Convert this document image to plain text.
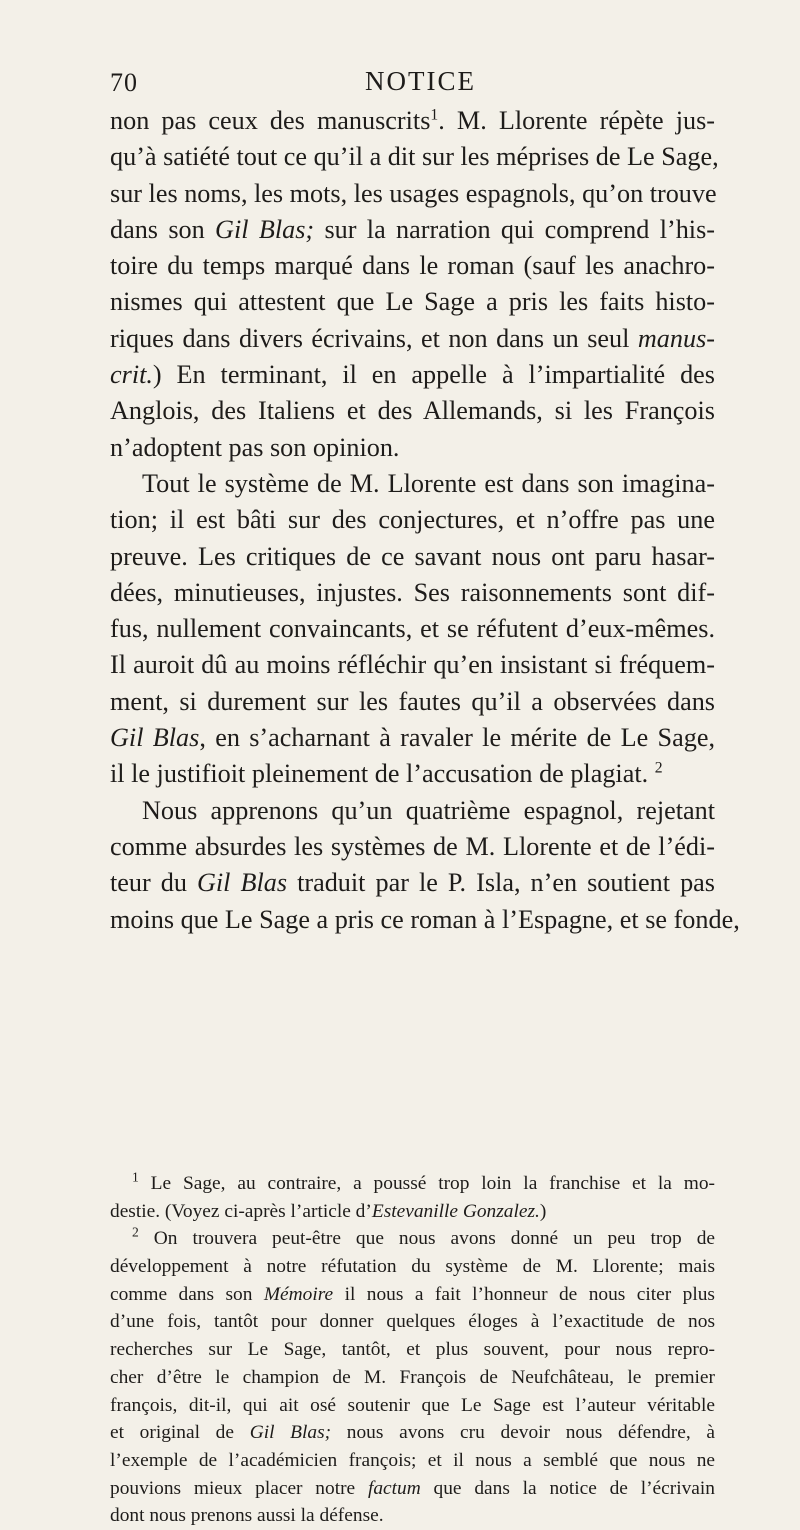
70	NOTICE
non pas ceux des manuscrits$^1$. M. Llorente répète jus-
qu’à satiété tout ce qu’il a dit sur les méprises de Le Sage,
sur les noms, les mots, les usages espagnols, qu’on trouve
dans son Gil Blas; sur la narration qui comprend l’his-
toire du temps marqué dans le roman (sauf les anachro-
nismes qui attestent que Le Sage a pris les faits histo-
riques dans divers écrivains, et non dans un seul manus-
crit.) En terminant, il en appelle à l’impartialité des
Anglois, des Italiens et des Allemands, si les François
n’adoptent pas son opinion.
Tout le système de M. Llorente est dans son imagina-
tion; il est bâti sur des conjectures, et n’offre pas une
preuve. Les critiques de ce savant nous ont paru hasar-
dées, minutieuses, injustes. Ses raisonnements sont dif-
fus, nullement convaincants, et se réfutent d’eux-mêmes.
Il auroit dû au moins réfléchir qu’en insistant si fréquem-
ment, si durement sur les fautes qu’il a observées dans
Gil Blas, en s’acharnant à ravaler le mérite de Le Sage,
il le justifioit pleinement de l’accusation de plagiat. $^2$
Nous apprenons qu’un quatrième espagnol, rejetant
comme absurdes les systèmes de M. Llorente et de l’édi-
teur du Gil Blas traduit par le P. Isla, n’en soutient pas
moins que Le Sage a pris ce roman à l’Espagne, et se fonde,
$^1$ Le Sage, au contraire, a poussé trop loin la franchise et la mo-
destie. (Voyez ci-après l’article d’Estevanille Gonzalez.)
$^2$ On trouvera peut-être que nous avons donné un peu trop de
développement à notre réfutation du système de M. Llorente; mais
comme dans son Mémoire il nous a fait l’honneur de nous citer plus
d’une fois, tantôt pour donner quelques éloges à l’exactitude de nos
recherches sur Le Sage, tantôt, et plus souvent, pour nous repro-
cher d’être le champion de M. François de Neufchâteau, le premier
françois, dit-il, qui ait osé soutenir que Le Sage est l’auteur véritable
et original de Gil Blas; nous avons cru devoir nous défendre, à
l’exemple de l’académicien françois; et il nous a semblé que nous ne
pouvions mieux placer notre factum que dans la notice de l’écrivain
dont nous prenons aussi la défense.
